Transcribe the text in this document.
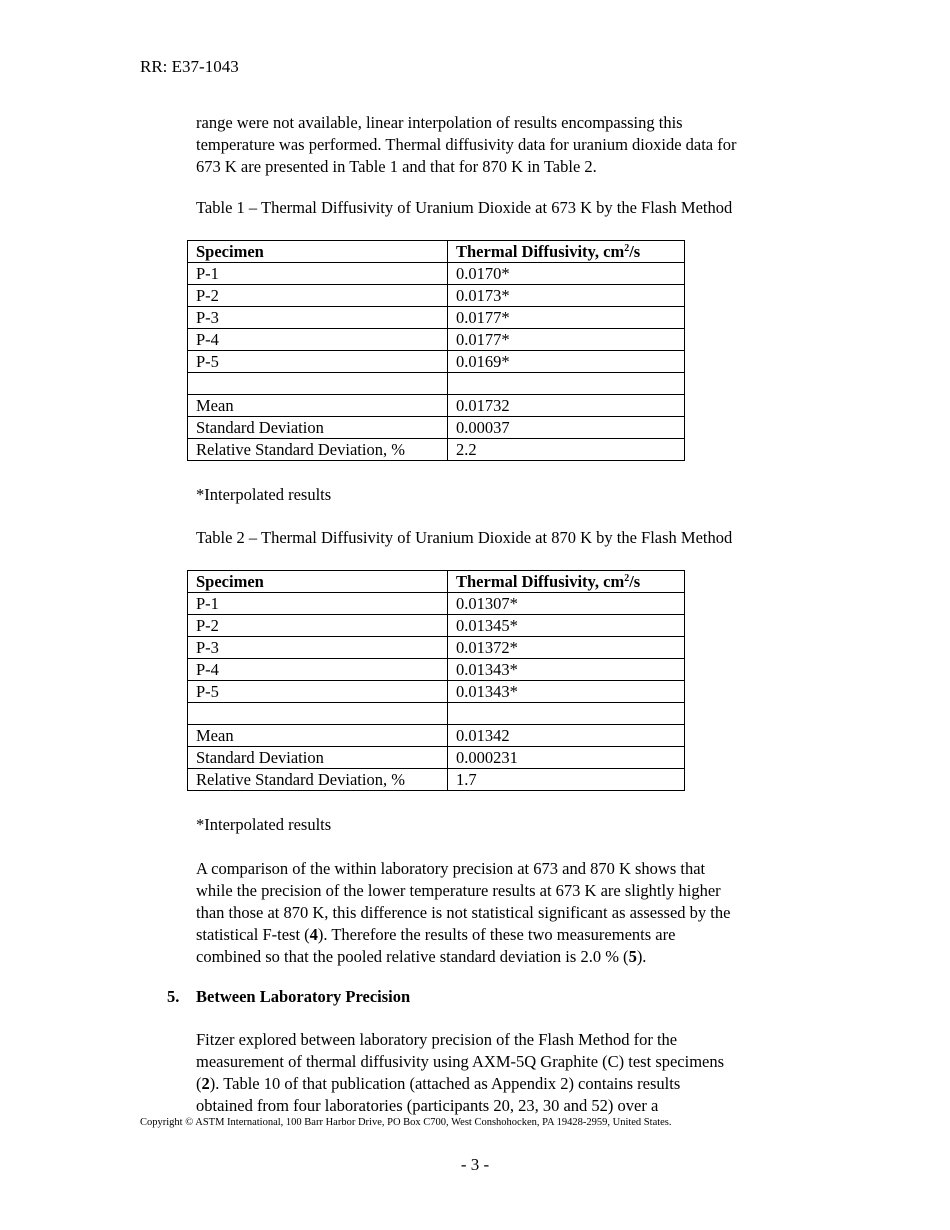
RR: E37-1043
range were not available, linear interpolation of results encompassing this
temperature was performed. Thermal diffusivity data for uranium dioxide data for
673 K are presented in Table 1 and that for 870 K in Table 2.
Table 1 – Thermal Diffusivity of Uranium Dioxide at 673 K by the Flash Method
Specimen	Thermal Diffusivity, $cm^2/s$
P-1	0.0170*
P-2	0.0173*
P-3	0.0177*
P-4	0.0177*
P-5	0.0169*

Mean	0.01732
Standard Deviation	0.00037
Relative Standard Deviation, %	2.2
*Interpolated results
Table 2 – Thermal Diffusivity of Uranium Dioxide at 870 K by the Flash Method
Specimen	Thermal Diffusivity, $cm^2/s$
P-1	0.01307*
P-2	0.01345*
P-3	0.01372*
P-4	0.01343*
P-5	0.01343*

Mean	0.01342
Standard Deviation	0.000231
Relative Standard Deviation, %	1.7
*Interpolated results
A comparison of the within laboratory precision at 673 and 870 K shows that
while the precision of the lower temperature results at 673 K are slightly higher
than those at 870 K, this difference is not statistical significant as assessed by the
statistical F-test (4). Therefore the results of these two measurements are
combined so that the pooled relative standard deviation is 2.0 % (5).
5. Between Laboratory Precision
Fitzer explored between laboratory precision of the Flash Method for the
measurement of thermal diffusivity using AXM-5Q Graphite (C) test specimens
(2). Table 10 of that publication (attached as Appendix 2) contains results
obtained from four laboratories (participants 20, 23, 30 and 52) over a
Copyright © ASTM International, 100 Barr Harbor Drive, PO Box C700, West Conshohocken, PA 19428-2959, United States.
- 3 -
